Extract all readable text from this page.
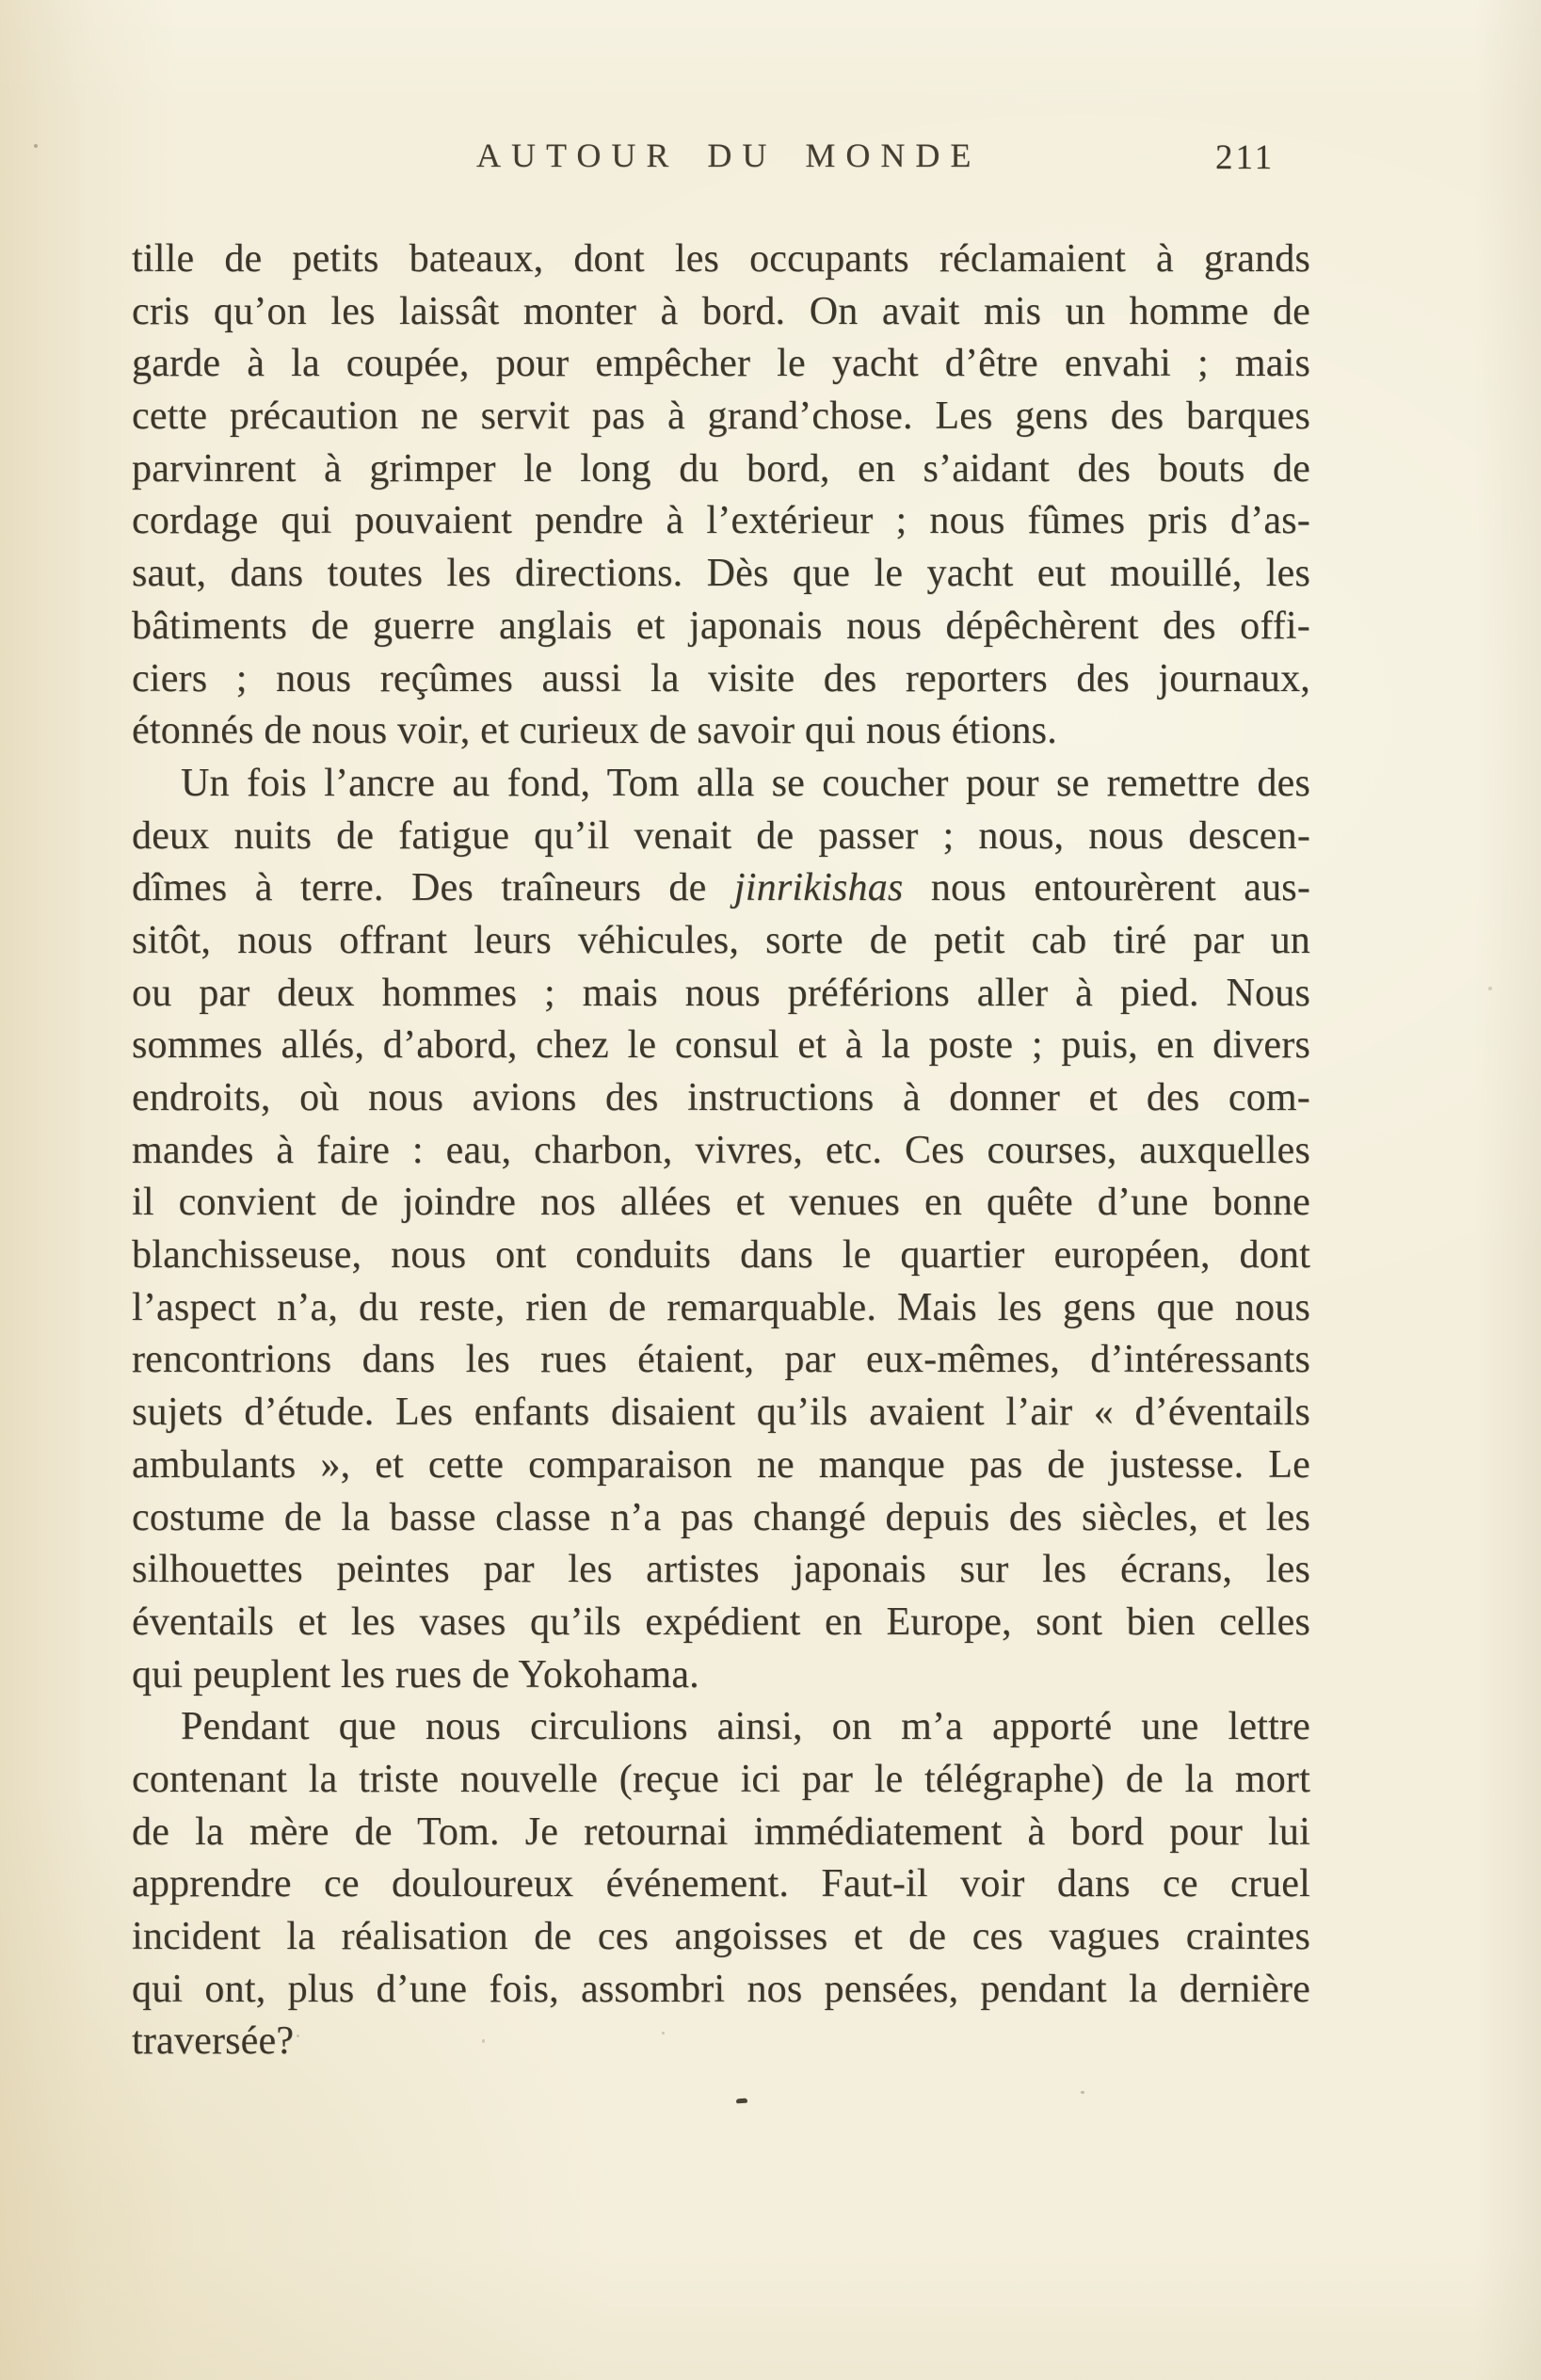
AUTOUR DU MONDE	211
tille de petits bateaux, dont les occupants réclamaient à grands
cris qu’on les laissât monter à bord. On avait mis un homme de
garde à la coupée, pour empêcher le yacht d’être envahi ; mais
cette précaution ne servit pas à grand’chose. Les gens des barques
parvinrent à grimper le long du bord, en s’aidant des bouts de
cordage qui pouvaient pendre à l’extérieur ; nous fûmes pris d’as-
saut, dans toutes les directions. Dès que le yacht eut mouillé, les
bâtiments de guerre anglais et japonais nous dépêchèrent des offi-
ciers ; nous reçûmes aussi la visite des reporters des journaux,
étonnés de nous voir, et curieux de savoir qui nous étions.
Un fois l’ancre au fond, Tom alla se coucher pour se remettre des
deux nuits de fatigue qu’il venait de passer ; nous, nous descen-
dîmes à terre. Des traîneurs de jinrikishas nous entourèrent aus-
sitôt, nous offrant leurs véhicules, sorte de petit cab tiré par un
ou par deux hommes ; mais nous préférions aller à pied. Nous
sommes allés, d’abord, chez le consul et à la poste ; puis, en divers
endroits, où nous avions des instructions à donner et des com-
mandes à faire : eau, charbon, vivres, etc. Ces courses, auxquelles
il convient de joindre nos allées et venues en quête d’une bonne
blanchisseuse, nous ont conduits dans le quartier européen, dont
l’aspect n’a, du reste, rien de remarquable. Mais les gens que nous
rencontrions dans les rues étaient, par eux-mêmes, d’intéressants
sujets d’étude. Les enfants disaient qu’ils avaient l’air « d’éventails
ambulants », et cette comparaison ne manque pas de justesse. Le
costume de la basse classe n’a pas changé depuis des siècles, et les
silhouettes peintes par les artistes japonais sur les écrans, les
éventails et les vases qu’ils expédient en Europe, sont bien celles
qui peuplent les rues de Yokohama.
Pendant que nous circulions ainsi, on m’a apporté une lettre
contenant la triste nouvelle (reçue ici par le télégraphe) de la mort
de la mère de Tom. Je retournai immédiatement à bord pour lui
apprendre ce douloureux événement. Faut-il voir dans ce cruel
incident la réalisation de ces angoisses et de ces vagues craintes
qui ont, plus d’une fois, assombri nos pensées, pendant la dernière
traversée?
